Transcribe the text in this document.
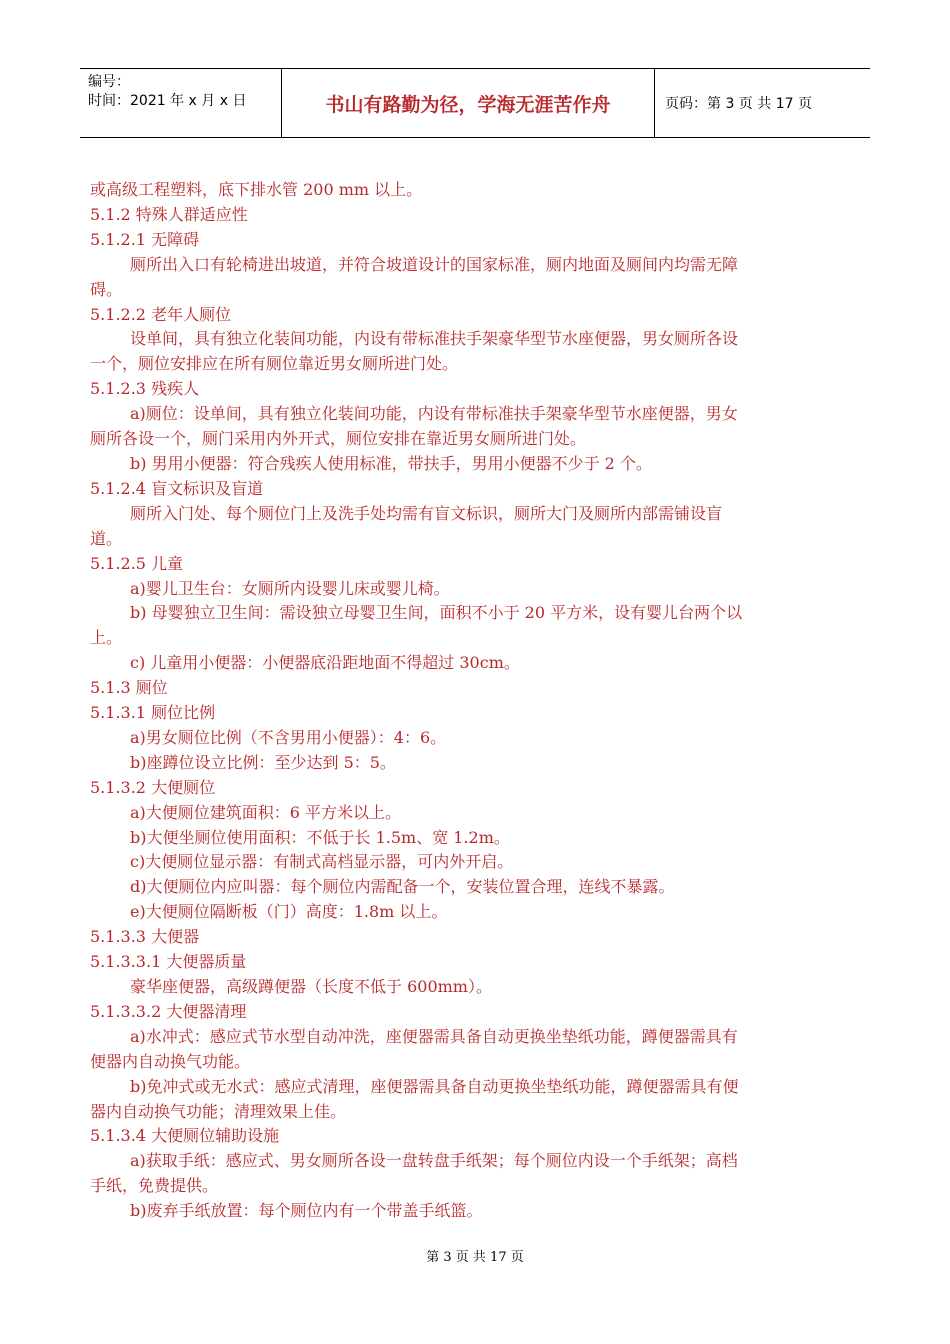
编号：
时间：2021 年 x 月 x 日	书山有路勤为径，学海无涯苦作舟	页码：第 3 页 共 17 页
或高级工程塑料，底下排水管 200 mm 以上。
5.1.2 特殊人群适应性
5.1.2.1 无障碍
厕所出入口有轮椅进出坡道，并符合坡道设计的国家标准，厕内地面及厕间内均需无障
碍。
5.1.2.2 老年人厕位
设单间，具有独立化装间功能，内设有带标准扶手架豪华型节水座便器，男女厕所各设
一个，厕位安排应在所有厕位靠近男女厕所进门处。
5.1.2.3 残疾人
a)厕位：设单间，具有独立化装间功能，内设有带标准扶手架豪华型节水座便器，男女
厕所各设一个，厕门采用内外开式，厕位安排在靠近男女厕所进门处。
b) 男用小便器：符合残疾人使用标准，带扶手，男用小便器不少于 2 个。
5.1.2.4 盲文标识及盲道
厕所入门处、每个厕位门上及洗手处均需有盲文标识，厕所大门及厕所内部需铺设盲
道。
5.1.2.5 儿童
a)婴儿卫生台：女厕所内设婴儿床或婴儿椅。
b) 母婴独立卫生间：需设独立母婴卫生间，面积不小于 20 平方米，设有婴儿台两个以
上。
c) 儿童用小便器：小便器底沿距地面不得超过 30cm。
5.1.3 厕位
5.1.3.1 厕位比例
a)男女厕位比例（不含男用小便器）：4：6。
b)座蹲位设立比例：至少达到 5：5。
5.1.3.2 大便厕位
a)大便厕位建筑面积：6 平方米以上。
b)大便坐厕位使用面积：不低于长 1.5m、宽 1.2m。
c)大便厕位显示器：有制式高档显示器，可内外开启。
d)大便厕位内应叫器：每个厕位内需配备一个，安装位置合理，连线不暴露。
e)大便厕位隔断板（门）高度：1.8m 以上。
5.1.3.3 大便器
5.1.3.3.1 大便器质量
豪华座便器，高级蹲便器（长度不低于 600mm）。
5.1.3.3.2 大便器清理
a)水冲式：感应式节水型自动冲洗，座便器需具备自动更换坐垫纸功能，蹲便器需具有
便器内自动换气功能。
b)免冲式或无水式：感应式清理，座便器需具备自动更换坐垫纸功能，蹲便器需具有便
器内自动换气功能；清理效果上佳。
5.1.3.4 大便厕位辅助设施
a)获取手纸：感应式、男女厕所各设一盘转盘手纸架；每个厕位内设一个手纸架；高档
手纸，免费提供。
b)废弃手纸放置：每个厕位内有一个带盖手纸篮。
第 3 页 共 17 页
